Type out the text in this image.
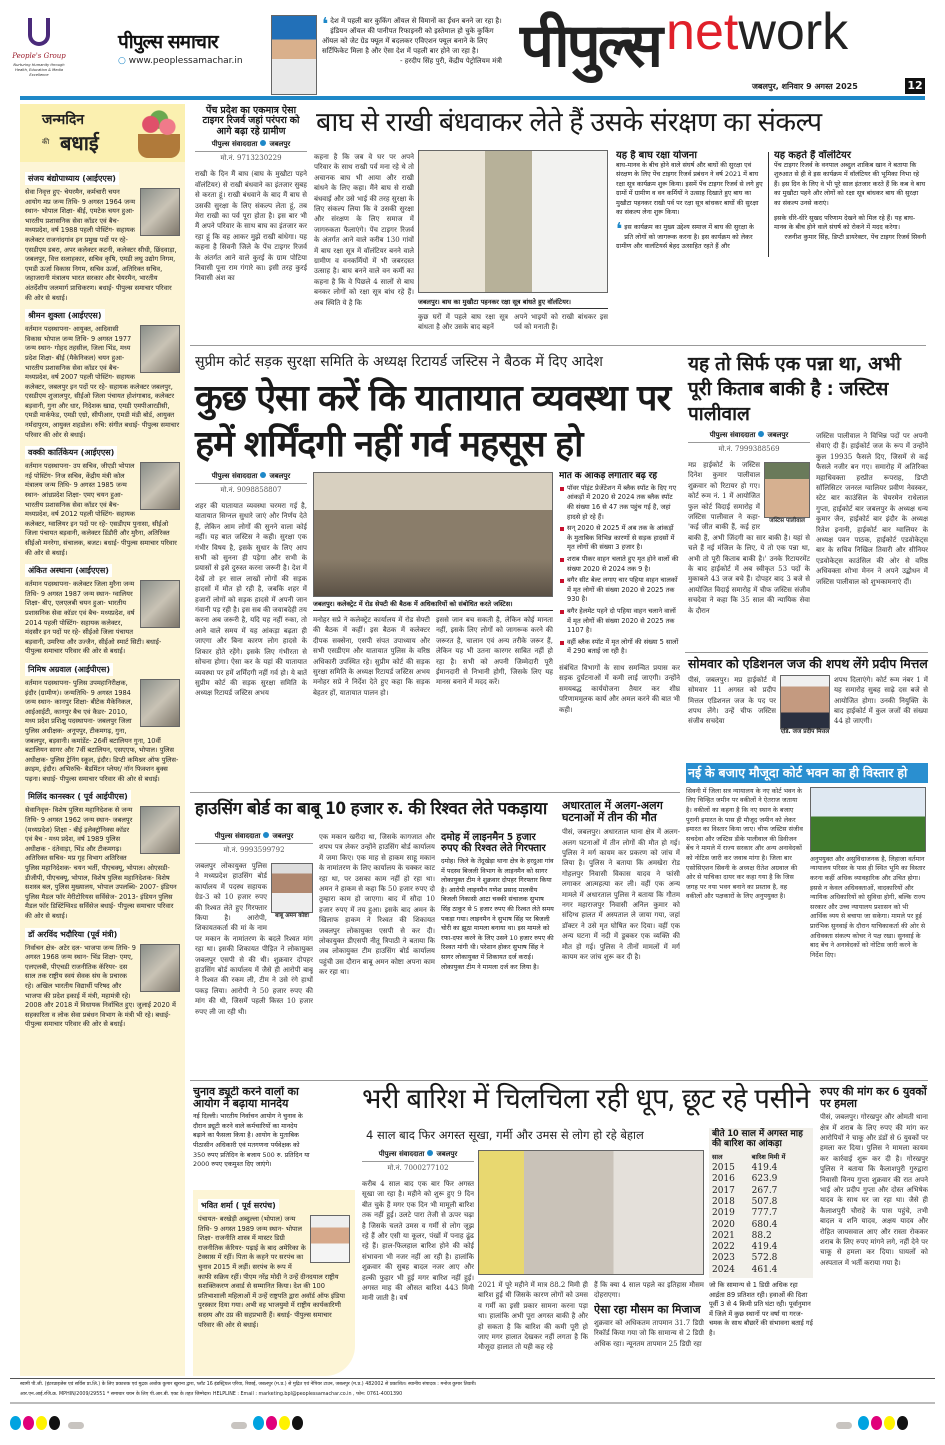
People's Group
Nurturing Humanity through Health, Education & Media Excellence
पीपुल्स समाचार
○ www.peoplessamachar.in
❛ देश में पहली बार कुकिंग ऑयल से विमानों का ईंधन बनने जा रहा है। इंडियन ऑयल की पानीपत रिफाइनरी को इस्तेमाल हो चुके कुकिंग ऑयल को जेट ग्रेड फ्यूल में बदलकर एविएशन फ्यूल बनाने के लिए सर्टिफिकेट मिला है और ऐसा देश में पहली बार होने जा रहा है।
- हरदीप सिंह पुरी, केंद्रीय पेट्रोलियम मंत्री पीपुल्स network
जबलपुर, शनिवार 9 अगस्त 2025	12
जन्मदिन
की बधाई
संजय बंद्योपाध्याय (आईएएस)
सेवा निवृत्त हुए- चेयरमैन, कर्मचारी चयन आयोग मप्र जन्म तिथि- 9 अगस्त 1964 जन्म स्थान- भोपाल शिक्षा- बीई, एमटेक चयन हुआ- भारतीय प्रशासनिक सेवा कॉडर एवं बैच- मध्यप्रदेश, वर्ष 1988 पहली पोस्टिंग- सहायक कलेक्टर राजनांदगांव इन प्रमुख पदों पर रहे- एसडीएम डबरा, अपर कलेक्टर कटनी, कलेक्टर सीधी, छिंदवाड़ा, जबलपुर, वित्त सलाहकार, सचिव कृषि, एमडी लघु उद्योग निगम, एमडी ऊर्जा विकास निगम, सचिव ऊर्जा, अतिरिक्त सचिव, जहाजरानी मंत्रालय भारत सरकार और चेयरमैन, भारतीय अंतर्देशीय जलमार्ग प्राधिकरण। बधाई- पीपुल्स समाचार परिवार की ओर से बधाई।
श्रीमन शुक्ला (आईएएस)
वर्तमान पदस्थापना- आयुक्त, आदिवासी विकास भोपाल जन्म तिथि- 9 अगस्त 1977 जन्म स्थान- गोहद तहसील, जिला भिंड, मध्य प्रदेश शिक्षा- बीई (मैकेनिकल) चयन हुआ- भारतीय प्रशासनिक सेवा कॉडर एवं बैच- मध्यप्रदेश, वर्ष 2007 पहली पोस्टिंग- सहायक कलेक्टर, जबलपुर इन पदों पर रहे- सहायक कलेक्टर जबलपुर, एसडीएम शुजालपुर, सीईओ जिला पंचायत होशंगाबाद, कलेक्टर बड़वानी, गुना और धार, निदेशक खाद्य, एमडी एमपीआरडीसी, एमडी मार्कफेड, एमडी एग्रो, सीपीआर, एमडी मंडी बोर्ड, आयुक्त नर्मदापुरम, आयुक्त शहडोल। रुचि: संगीत बधाई- पीपुल्स समाचार परिवार की ओर से बधाई।
वक्की कार्तिकेयन (आईएएस)
वर्तमान पदस्थापना- उप सचिव, जीएडी भोपाल नई पोस्टिंग- निज सचिव, केंद्रीय मंत्री कोल मंत्रालय जन्म तिथि- 9 अगस्त 1985 जन्म स्थान- आंध्रप्रदेश शिक्षा- एमए चयन हुआ- भारतीय प्रशासनिक सेवा कॉडर एवं बैच- मध्यप्रदेश, वर्ष 2012 पहली पोस्टिंग- सहायक कलेक्टर, ग्वालियर इन पदों पर रहे- एसडीएम पुनासा, सीईओ जिला पंचायत बड़वानी, कलेक्टर डिंडौरी और मुरैना, अतिरिक्त सीईओ मनरेगा, संचालक, बजट। बधाई- पीपुल्स समाचार परिवार की ओर से बधाई।
अंकित अस्थाना (आईएएस)
वर्तमान पदस्थापना- कलेक्टर जिला मुरैना जन्म तिथि- 9 अगस्त 1987 जन्म स्थान- ग्वालियर शिक्षा- बीए, एलएलबी चयन हुआ- भारतीय प्रशासनिक सेवा कॉडर एवं बैच- मध्यप्रदेश, वर्ष 2014 पहली पोस्टिंग- सहायक कलेक्टर, मंदसौर इन पदों पर रहे- सीईओ जिला पंचायत बड़वानी, उमरिया और उज्जैन, सीईओ स्मार्ट सिटी। बधाई- पीपुल्स समाचार परिवार की ओर से बधाई।
निमिष अग्रवाल (आईपीएस)
वर्तमान पदस्थापना- पुलिस उपमहानिरीक्षक, इंदौर (ग्रामीण)। जन्मतिथि- 9 अगस्त 1984 जन्म स्थान- कानपुर शिक्षा- बीटेक मैकेनिकल, आईआईटी, कानपुर बैच एवं कैडर- 2010, मध्य प्रदेश प्रशिक्षु पदस्थापना- जबलपुर जिला पुलिस अधीक्षक- अनूपपुर, टीकमगढ़, गुना, जबलपुर, बड़वानी। कमांडेंट- 26वीं बटालियन गुना, 10वीं बटालियन सागर और 7वीं बटालियन, एसएएफ, भोपाल। पुलिस अधीक्षक- पुलिस ट्रेनिंग स्कूल, इंदौर। डिप्टी कमिश्नर ऑफ पुलिस- क्राइम, इंदौर। अभिरुचि- बैडमिंटन प्लेयर/ नॉन फिक्शन बुक्स पढ़ना। बधाई- पीपुल्स समाचार परिवार की ओर से बधाई।
मिलिंद कानस्कर ( पूर्व आईपीएस)
सेवानिवृत्त- विशेष पुलिस महानिदेशक से जन्म तिथि- 9 अगस्त 1962 जन्म स्थान- जबलपुर (मध्यप्रदेश) शिक्षा - बीई इलेक्ट्रॉनिक्स कॉडर एवं बैच - मध्य प्रदेश, वर्ष 1989 पुलिस अधीक्षक - दंतेवाड़ा, भिंड और टीकमगढ़। अतिरिक्त सचिव- मप्र गृह विभाग अतिरिक्त पुलिस महानिदेशक- चयन भर्ती, पीएचक्यू, भोपाल। ओएसडी- डीजीपी, पीएचक्यू, भोपाल, विशेष पुलिस महानिदेशक- विशेष सशस्त्र बल, पुलिस मुख्यालय, भोपाल उपलब्धि- 2007- इंडियन पुलिस मैडल फॉर मेरीटोरियस सर्विसेज- 2013- इंडियन पुलिस मैडल फॉर डिस्टिंग्विश्ड सर्विसेज बधाई- पीपुल्स समाचार परिवार की ओर से बधाई।
डॉ अरविंद भदौरिया (पूर्व मंत्री)
निर्वाचन क्षेत्र- अटेर दल- भाजपा जन्म तिथि- 9 अगस्त 1968 जन्म स्थान- भिंड शिक्षा- एमए, एलएलबी, पीएचडी राजनीतिक कॅरियर- दस साल तक राष्ट्रीय स्वयं सेवक संघ के प्रचारक रहे। अखिल भारतीय विद्यार्थी परिषद और भाजपा की प्रदेश इकाई में मंत्री, महामंत्री रहे। 2008 और 2018 में विधायक निर्वाचित हुए। जुलाई 2020 में सहकारिता व लोक सेवा प्रबंधन विभाग के मंत्री भी रहे। बधाई- पीपुल्स समाचार परिवार की ओर से बधाई।
पेंच प्रदेश का एकमात्र ऐसा टाइगर रिजर्व जहां परंपरा को आगे बढ़ा रहे ग्रामीण
पीपुल्स संवाददाता जबलपुर
मो.नं. 9713230229
राखी के दिन मैं बाघ (बाघ के मुखौटा पहने वॉलंटियर) से राखी बंधवाने का इंतजार सुबह से करता हूं। राखी बंधवाने के बाद मैं बाघ से उसकी सुरक्षा के लिए संकल्प लेता हूं, तब मेरा राखी का पर्व पूरा होता है। इस बार भी मैं अपने परिवार के साथ बाघ का इंतजार कर रहा हूं कि वह आकर मुझे राखी बांधेगा। यह कहना है सिवनी जिले के पेंच टाइगर रिजर्व के अंतर्गत आने वाले कुरई के ग्राम पोटिया निवासी पूना राम गंगारे का। इसी तरह कुरई निवासी अंश का
बाघ से राखी बंधवाकर लेते हैं उसके संरक्षण का संकल्प
कहना है कि जब वे घर पर अपने परिवार के साथ राखी पर्व मना रहे थे तो अचानक बाघ भी आया और राखी बांधने के लिए कहा। मैंने बाघ से राखी बंधवाई और उसे भाई की तरह सुरक्षा के लिए संकल्प लिया कि वे उसकी सुरक्षा और संरक्षण के लिए समाज में जागरुकता फैलाएंगे। पेंच टाइगर रिजर्व के अंतर्गत आने वाले करीब 130 गांवों में बाघ रक्षा सूत्र में वॉलंटियर बनने वाले ग्रामीण व वनकर्मियों में भी जबरदस्त उत्साह है। बाघ बनने वाले वन कर्मी का कहना है कि वे पिछले 4 सालों से बाघ बनकर लोगों को रक्षा सूत्र बांध रहे हैं। अब स्थिति ये है कि	जबलपुर। बाघ का मुखौटा पहनकर रक्षा सूत्र बांधते हुए वॉलंटियर।
कुछ घरों में पहले बाघ रक्षा सूत्र बांधता है और उसके बाद बहनें
अपने भाइयों को राखी बांधकर इस पर्व को मनाती हैं।
यह है बाघ रक्षा योजना
बाघ-मानव के बीच होने वाले संघर्ष और बाघों की सुरक्षा एवं संरक्षण के लिए पेंच टाइगर रिजर्व प्रबंधन ने वर्ष 2021 में बाघ रक्षा सूत्र कार्यक्रम शुरू किया। इसमें पेंच टाइगर रिजर्व से लगे हुए ग्रामों में ग्रामीण व वन कर्मियों ने उत्साह दिखाते हुए बाघ का मुखौटा पहनकर राखी पर्व पर रक्षा सूत्र बांधकर बाघों की सुरक्षा का संकल्प लेना शुरू किया।
❛ इस कार्यक्रम का मुख्य उद्देश्य समाज में बाघ की सुरक्षा के प्रति लोगों को जागरूक करना है। इस कार्यक्रम को लेकर ग्रामीण और वालंटियर्स बेहद उत्साहित रहते हैं और
यह कहते हैं वॉलंटियर
पेंच टाइगर रिजर्व के वनपाल अब्दुल शाकिब खान ने बताया कि शुरुआत से ही वे इस कार्यक्रम में वॉलंटियर की भूमिका निभा रहे हैं। इस दिन के लिए वे भी पूरे साल इंतजार करते हैं कि कब वे बाघ का मुखौटा पहने और लोगों को रक्षा सूत्र बांधकर बाघ की सुरक्षा का संकल्प उनसे कराएं।
इसके धीरे-धीरे सुखद परिणाम देखने को मिल रहे हैं। यह बाघ-मानव के बीच होने वाले संघर्ष को रोकने में मदद करेगा।
रजनीश कुमार सिंह, डिप्टी डायरेक्टर, पेंच टाइगर रिजर्व सिवनी
सुप्रीम कोर्ट सड़क सुरक्षा समिति के अध्यक्ष रिटायर्ड जस्टिस ने बैठक में दिए आदेश
कुछ ऐसा करें कि यातायात व्यवस्था पर हमें शर्मिंदगी नहीं गर्व महसूस हो
पीपुल्स संवाददाता जबलपुर
मो.नं. 9098858807
शहर की यातायात व्यवस्था चरमरा गई है, यातायात सिग्नल सुधारे जाएं और निर्णय देते हैं, लेकिन आम लोगों की सुनने वाला कोई नहीं। यह बात जस्टिस ने कही। सुरक्षा एक गंभीर विषय है, इसके सुधार के लिए आप सभी को सुनना ही पड़ेगा और सभी के प्रयासों से इसे दुरुस्त करना जरूरी है। देश में देखें तो हर साल लाखों लोगों की सड़क हादसों में मौत हो रही है, जबकि शहर में हजारों लोगों को सड़क हादसे में अपनी जान गंवानी पड़ रही है। इस सब की जवाबदेही तय करना अब जरूरी है, यदि यह नहीं रुका, तो आने वाले समय में यह आंकड़ा बढ़ता ही जाएगा और बिना कारण लोग हादसे के शिकार होते रहेंगे। इसके लिए गंभीरता से सोचना होगा। ऐसा कर के यहां की यातायात व्यवस्था पर हमें शर्मिंदगी नहीं गर्व हो। ये बातें सुप्रीम कोर्ट की सड़क सुरक्षा समिति के अध्यक्ष रिटायर्ड जस्टिस अभय
जबलपुर। कलेक्ट्रेट में रोड सेफ्टी की बैठक में अधिकारियों को संबोधित करते जस्टिस।
मनोहर सप्रे ने कलेक्ट्रेट कार्यालय में रोड सेफ्टी की बैठक में कहीं। इस बैठक में कलेक्टर दीपक सक्सेना, एसपी संपत उपाध्याय और सभी एसडीएम और यातायात पुलिस के वरिष्ठ अधिकारी उपस्थित रहे। सुप्रीम कोर्ट की सड़क सुरक्षा समिति के अध्यक्ष रिटायर्ड जस्टिस अभय मनोहर सप्रे ने निर्देश देते हुए कहा कि सड़क बेहतर हों, यातायात पालन हो।
इससे जान बच सकती है, लेकिन कोई मानता नहीं, इसके लिए लोगों को जागरूक करने की जरूरत है, चालान एवं अन्य तरीके जरूर हैं, लेकिन यह भी उतना कारगर साबित नहीं हो रहा है। सभी को अपनी जिम्मेदारी पूरी ईमानदारी से निभानी होगी, जिसके लिए यह मानस बनाने में मदद करें।
मौत के आंकड़े लगातार बढ़ रहे
पॉवर पॉइंट प्रेजेंटेशन में ब्लैक स्पॉट के दिए गए आंकड़ों में 2020 से 2024 तक ब्लैक स्पॉट की संख्या 16 से 47 तक पहुंच गई है, जहां हादसे हो रहे हैं।
सन् 2020 से 2025 में अब तक के आंकड़ों के मुताबिक विभिन्न कारणों से सड़क हादसों में मृत लोगों की संख्या 3 हजार है।
शराब पीकर वाहन चलाते हुए मृत होने वालों की संख्या 2020 से 2024 तक 9 है।
बगैर सीट बेल्ट लगाए चार पहिया वाहन चालकों में मृत लोगों की संख्या 2020 से 2025 तक 930 है।
बगैर हेलमेट पहने दो पहिया वाहन चलाने वालों में मृत लोगों की संख्या 2020 से 2025 तक 1107 है।
वहीं ब्लैक स्पॉट में मृत लोगों की संख्या 5 सालों में 290 बताई जा रही है।
संबंधित विभागों के साथ समन्वित प्रयास कर सड़क दुर्घटनाओं में कमी लाई जाएगी। उन्होंने समयबद्ध कार्ययोजना तैयार कर शीघ्र परिणाममूलक कार्य और अमल करने की बात भी कही।
यह तो सिर्फ एक पन्ना था, अभी पूरी किताब बाकी है : जस्टिस पालीवाल
पीपुल्स संवाददाता जबलपुर
मो.नं. 7999388569
जस्टिस पालीवाल
मप्र हाईकोर्ट के जस्टिस दिनेश कुमार पालीवाल शुक्रवार को रिटायर हो गए। कोर्ट रूम नं. 1 में आयोजित फुल कोर्ट विदाई समारोह में जस्टिस पालीवाल ने कहा- 'कई जीत बाकी हैं, कई हार बाकी हैं, अभी जिंदगी का सार बाकी है। यहां से चले हैं नई मंजिल के लिए, ये तो एक पन्ना था, अभी तो पूरी किताब बाकी है।' उनके रिटायरमेंट के बाद हाईकोर्ट में अब स्वीकृत 53 पदों के मुकाबले 43 जज बचे हैं। दोपहर बाद 3 बजे से आयोजित विदाई समारोह में चीफ जस्टिस संजीव सचदेवा ने कहा कि 35 साल की न्यायिक सेवा के दौरान
जस्टिस पालीवाल ने विभिन्न पदों पर अपनी सेवाएं दी हैं। हाईकोर्ट जज के रूप में उन्होंने कुल 19935 फैसले दिए, जिसमें से कई फैसले नजीर बन गए। समारोह में अतिरिक्त महाधिवक्ता हरप्रीत रूपराह, डिप्टी सॉलिसिटर जनरल ग्वालियर प्रवीण नेवस्कर, स्टेट बार काउंसिल के चेयरमेन राधेलाल गुप्ता, हाईकोर्ट बार जबलपुर के अध्यक्ष धन्य कुमार जैन, हाईकोर्ट बार इंदौर के अध्यक्ष रितेश इनानी, हाईकोर्ट बार ग्वालियर के अध्यक्ष पवन पाठक, हाईकोर्ट एडवोकेट्स बार के सचिव निखिल तिवारी और सीनियर एडवोकेट्स काउंसिल की ओर से वरिष्ठ अधिवक्ता शोभा मेनन ने अपने उद्बोधन में जस्टिस पालीवाल को शुभकामनाएं दीं।
सोमवार को एडिशनल जज की शपथ लेंगे प्रदीप मित्तल
पीसं, जबलपुर। मप्र हाईकोर्ट में सोमवार 11 अगस्त को प्रदीप मित्तल एडिशनल जज के पद पर शपथ लेंगे। उन्हें चीफ जस्टिस संजीव सचदेवा
एडि. जज प्रदीप मित्तल
शपथ दिलाएंगे। कोर्ट रूम नंबर 1 में यह समारोह सुबह साढ़े दस बजे से आयोजित होगा। उनकी नियुक्ति के बाद हाईकोर्ट में कुल जजों की संख्या 44 हो जाएगी।
नई के बजाए मौजूदा कोर्ट भवन का ही विस्तार हो
सिवनी में जिला सत्र न्यायालय के नए कोर्ट भवन के लिए चिन्हित जमीन पर वकीलों ने ऐतराज जताया है। वकीलों का कहना है कि नए स्थान के बजाए पुरानी इमारत के पास ही मौजूद जमीन को लेकर इमारत का विस्तार किया जाए। चीफ जस्टिस संजीव सचदेवा और जस्टिस डीके पालीवाल की डिवीजन बेंच ने मामले में राज्य सरकार और अन्य अनावेदकों को नोटिस जारी कर जवाब मांगा है। जिला बार एसोसिएशन सिवनी के अध्यक्ष रीतेश अग्रवाल की ओर से याचिका दायर कर कहा गया है कि जिस जगह पर नया भवन बनाने का प्रस्ताव है, वह वकीलों और पक्षकारों के लिए अनुपयुक्त है।
अनुपयुक्त और असुविधाजनक है, लिहाजा वर्तमान न्यायालय परिसर के पास ही स्थित भूमि का विस्तार करना कहीं अधिक व्यावहारिक और उचित होगा। इससे न केवल अधिवक्ताओं, वादकारियों और न्यायिक अधिकारियों को सुविधा होगी, बल्कि राज्य सरकार और उच्च न्यायालय प्रशासन को भी आर्थिक व्यय से बचाया जा सकेगा। मामले पर हुई प्रारंभिक सुनवाई के दौरान याचिकाकर्ता की ओर से अधिवक्ता संकल्प कोचर ने पक्ष रखा। सुनवाई के बाद बेंच ने अनावेदकों को नोटिस जारी करने के निर्देश दिए।
हाउसिंग बोर्ड का बाबू 10 हजार रु. की रिश्वत लेते पकड़ाया
पीपुल्स संवाददाता जबलपुर
मो.नं. 9993599792
बाबू अमन कोष्टा
जबलपुर लोकायुक्त पुलिस ने मध्यप्रदेश हाउसिंग बोर्ड कार्यालय में पदस्थ सहायक ग्रेड-3 को 10 हजार रुपए की रिश्वत लेते हुए गिरफ्तार किया है। आरोपी, शिकायतकर्ता की मां के नाम पर मकान के नामांतरण के बदले रिश्वत मांग रहा था। इसकी शिकायत पीड़ित ने लोकायुक्त जबलपुर एसपी से की थी। शुक्रवार दोपहर हाउसिंग बोर्ड कार्यालय में जैसे ही आरोपी बाबू ने रिश्वत की रकम ली, टीम ने उसे रंगे हाथों पकड़ लिया। आरोपी ने 50 हजार रुपए की मांग की थी, जिसमें पहली किस्त 10 हजार रुपए ली जा रही थी।
एक मकान खरीदा था, जिसके कागजात और शपथ पत्र लेकर उन्होंने हाउसिंग बोर्ड कार्यालय में जमा किए। एक माह से हाकम साहू मकान के नामांतरण के लिए कार्यालय के चक्कर काट रहा था, पर उसका काम नहीं हो रहा था। अमन ने हाकम से कहा कि 50 हजार रुपए दो तुम्हारा काम हो जाएगा। बाद में सौदा 10 हजार रुपए में तय हुआ। इसके बाद अमन के खिलाफ हाकम ने रिश्वत की शिकायत जबलपुर लोकायुक्त एसपी से कर दी। लोकायुक्त डीएसपी नीतू त्रिपाठी ने बताया कि जब लोकायुक्त टीम हाउसिंग बोर्ड कार्यालय पहुंची उस दौरान बाबू अमन कोष्टा अपना काम कर रहा था।
दमोह में लाइनमैन 5 हजार रुपए की रिश्वत लेते गिरफ्तार
दमोह। जिले के तेंदूखेड़ा थाना क्षेत्र के हरदुआ गांव में पदस्थ बिजली विभाग के लाइनमैन को सागर लोकायुक्त टीम ने शुक्रवार दोपहर गिरफ्तार किया है। आरोपी लाइनमैन गणेश प्रसाद मालवीय बिजली निकासी आटा चक्की संचालक सुभाष सिंह ठाकुर से 5 हजार रुपए की रिश्वत लेते समय पकड़ा गया। लाइनमैन ने सुभाष सिंह पर बिजली चोरी का झूठा मामला बनाया था। इस मामले को रफा-दफा करने के लिए उसने 10 हजार रुपए की रिश्वत मांगी थी। परेशान होकर सुभाष सिंह ने सागर लोकायुक्त में शिकायत दर्ज कराई। लोकायुक्त टीम ने मामला दर्ज कर लिया है।
अधारताल में अलग-अलग घटनाओं में तीन की मौत
पीसं, जबलपुर। अधारताल थाना क्षेत्र में अलग-अलग घटनाओं में तीन लोगों की मौत हो गई। पुलिस ने मर्ग कायम कर प्रकरण को जांच में लिया है। पुलिस ने बताया कि अमखेरा रोड गोहलपुर निवासी विकास यादव ने फांसी लगाकर आत्महत्या कर ली। वहीं एक अन्य मामले में अधारताल पुलिस ने बताया कि गौतम नगर महाराजपुर निवासी अनिल कुमार को संदिग्ध हालत में अस्पताल ले जाया गया, जहां डॉक्टर ने उसे मृत घोषित कर दिया। वहीं एक अन्य घटना में नदी में डूबकर एक व्यक्ति की मौत हो गई। पुलिस ने तीनों मामलों में मर्ग कायम कर जांच शुरू कर दी है।
चुनाव ड्यूटी करने वालों का आयोग ने बढ़ाया मानदेय
नई दिल्ली। भारतीय निर्वाचन आयोग ने चुनाव के दौरान ड्यूटी करने वाले कर्मचारियों का मानदेय बढ़ाने का फैसला किया है। आयोग के मुताबिक पीठासीन अधिकारी एवं मतगणना पर्यवेक्षक को 350 रुपए प्रतिदिन के बजाय 500 रु. प्रतिदिन या 2000 रुपए एकमुश्त दिए जाएंगे।
भवित शर्मा ( पूर्व सरपंच)
पंचायत- बरखेड़ी अब्दुल्ला (भोपाल) जन्म तिथि- 9 अगस्त 1989 जन्म स्थान- भोपाल शिक्षा- राजनीति शास्त्र में मास्टर डिग्री राजनीतिक कॅरियर- पढ़ाई के बाद अमेरिका के टेक्सास में रहीं। पिता के कहने पर सरपंच का चुनाव 2015 में लड़ीं। सरपंच के रूप में काफी सक्रिय रहीं। पीएम नरेंद्र मोदी ने उन्हें दीनदयाल राष्ट्रीय सशक्तिकरण अवार्ड से सम्मानित किया। देश की 100 प्रतिभाशाली महिलाओं में उन्हें राष्ट्रपति द्वारा अवॉर्ड ऑफ इंडिया पुरस्कार दिया गया। अभी वह भाजयुमो में राष्ट्रीय कार्यकारिणी सदस्य और उप्र की सहप्रभारी हैं। बधाई- पीपुल्स समाचार परिवार की ओर से बधाई।
भरी बारिश में चिलचिला रही धूप, छूट रहे पसीने
4 साल बाद फिर अगस्त सूखा, गर्मी और उमस से लोग हो रहे बेहाल
पीपुल्स संवाददाता जबलपुर
मो.नं. 7000277102
करीब 4 साल बाद एक बार फिर अगस्त सूखा जा रहा है। महीने को शुरू हुए 9 दिन बीत चुके हैं मगर एक दिन भी मामूली बारिश तक नहीं हुई। उलटे पारा तेजी से ऊपर चढ़ा है जिसके चलते उमस व गर्मी से लोग जूझ रहे हैं और एसी या कूलर, पंखों में पनाह ढूंढ रहे हैं। हाल-फिलहाल बारिश होने की कोई संभावना भी नजर नहीं आ रही है। हालांकि शुक्रवार की सुबह बादल नजर आए और हल्की फुहार भी हुई मगर बारिश नहीं हुई। अगस्त माह की औसत बारिश 443 मिमी मानी जाती है। वर्ष
2021 में पूरे महीने में मात्र 88.2 मिमी ही बारिश हुई थी जिसके कारण लोगों को उमस व गर्मी का इसी प्रकार सामना करना पड़ा था। हालांकि अभी पूरा अगस्त बाकी है और हो सकता है कि बारिश की कमी पूरी हो जाए मगर हालात देखकर नहीं लगता है कि मौजूदा हालात तो यही कह रहे
हैं कि क्या 4 साल पहले का इतिहास मौसम दोहराएगा।
ऐसा रहा मौसम का मिजाज
शुक्रवार को अधिकतम तापमान 31.7 डिग्री रिकॉर्ड किया गया जो कि सामान्य से 2 डिग्री अधिक रहा। न्यूनतम तापमान 25 डिग्री रहा
बीते 10 साल में अगस्त माह की बारिश का आंकड़ा
साल	बारिश मिमी में
2015	419.4
2016	623.9
2017	267.7
2018	507.8
2019	777.7
2020	680.4
2021	88.2
2022	419.4
2023	572.8
2024	461.4
जो कि सामान्य से 1 डिग्री अधिक रहा आर्द्रता 89 प्रतिशत रही। हवाओं की दिशा पूर्वी 3 से 4 किमी प्रति घंटा रही। पूर्वानुमान में जिले में कुछ स्थानों पर वर्षा या गरज-चमक के साथ बौछारें की संभावना बताई गई है।
रुपए की मांग कर 6 युवकों पर हमला
पीसं, जबलपुर। गोरखपुर और ओमती थाना क्षेत्र में शराब के लिए रुपए की मांग कर आरोपियों ने चाकू और डंडों से 6 युवकों पर हमला कर दिया। पुलिस ने मामला कायम कर कार्रवाई शुरू कर दी है। गोरखपुर पुलिस ने बताया कि कैलाशपुरी गुरुद्वारा निवासी विनय गुप्ता शुक्रवार की रात अपने भाई ओर प्रदीप गुप्ता और दोस्त अभिषेक यादव के साथ घर जा रहा था। जैसे ही कैलाशपुरी चौराहे के पास पहुंचे, तभी बादल व शनि यादव, अक्षय यादव और रोहित जायसवाल आए और रास्ता रोककर शराब के लिए रुपए मांगने लगे, नहीं देने पर चाकू से हमला कर दिया। घायलों को अस्पताल में भर्ती कराया गया है।
स्वामी पी.जी. (इंटरप्राइजेस एवं सर्विस प्रा.लि.) के लिए प्रकाशक एवं मुद्रक अशोक कुमार खुराना द्वारा, प्लॉट 16 इंडस्ट्रियल एरिया, रिछाई, जबलपुर (म.प्र.) से मुद्रित एवं नेपियर टाउन, जबलपुर (म.प्र.) 482002 से प्रकाशित। स्थानीय संपादक : मनोज कुमार तिवारी।
आर.एन.आई.रजि.क्र. MPHIN/2009/29551 * समाचार चयन के लिए पी.आर.बी. एक्ट के तहत जिम्मेदार। HELPLINE : Email : marketing.bpl@peoplessamachar.co.in , फोन: 0761-4001390
